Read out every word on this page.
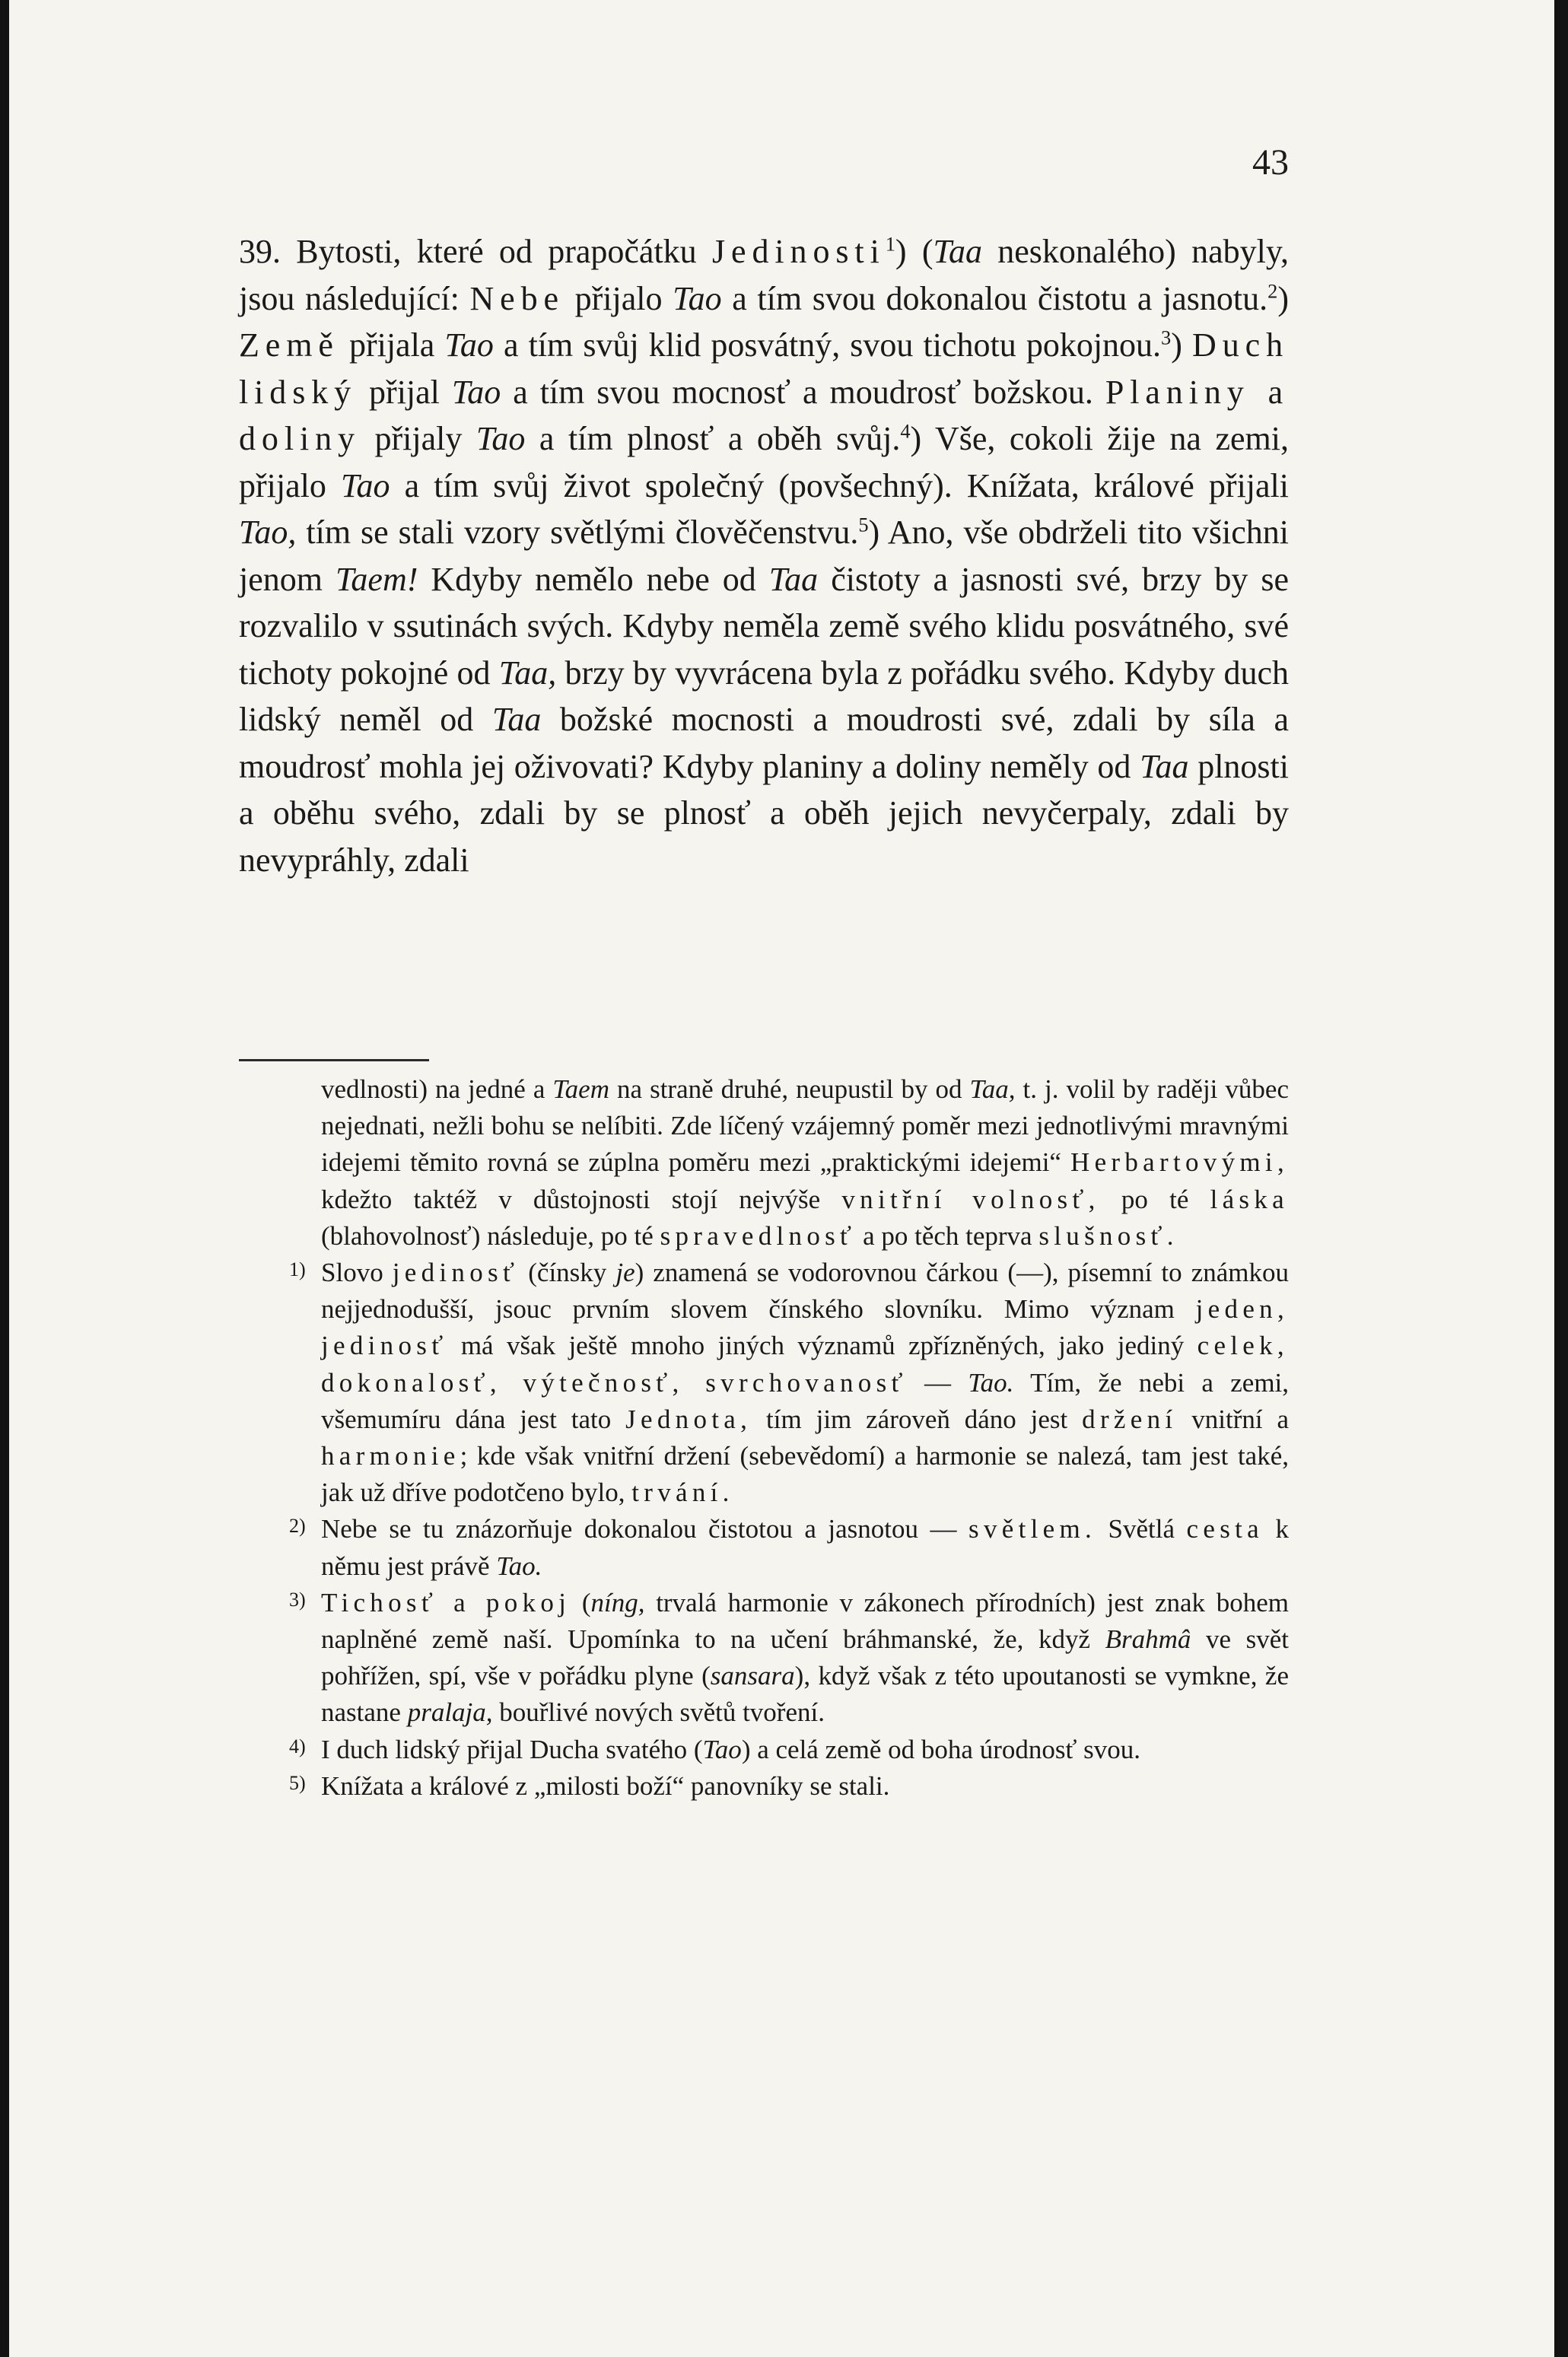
43

39. Bytosti, které od prapočátku Jedinosti$^1$) (Taa neskonalého) nabyly, jsou následující: Nebe přijalo Tao a tím svou dokonalou čistotu a jasnotu.$^2$) Země přijala Tao a tím svůj klid posvátný, svou tichotu pokojnou.$^3$) Duch lidský přijal Tao a tím svou mocnosť a moudrosť božskou. Planiny a doliny přijaly Tao a tím plnosť a oběh svůj.$^4$) Vše, cokoli žije na zemi, přijalo Tao a tím svůj život společný (povšechný). Knížata, králové přijali Tao, tím se stali vzory světlými člověčenstvu.$^5$) Ano, vše obdrželi tito všichni jenom Taem! Kdyby nemělo nebe od Taa čistoty a jasnosti své, brzy by se rozvalilo v ssutinách svých. Kdyby neměla země svého klidu posvátného, své tichoty pokojné od Taa, brzy by vyvrácena byla z pořádku svého. Kdyby duch lidský neměl od Taa božské mocnosti a moudrosti své, zdali by síla a moudrosť mohla jej oživovati? Kdyby planiny a doliny neměly od Taa plnosti a oběhu svého, zdali by se plnosť a oběh jejich nevyčerpaly, zdali by nevypráhly, zdali

vedlnosti) na jedné a Taem na straně druhé, neupustil by od Taa, t. j. volil by raději vůbec nejednati, nežli bohu se nelíbiti. Zde líčený vzájemný poměr mezi jednotlivými mravnými idejemi těmito rovná se zúplna poměru mezi „praktickými idejemi“ Herbartovými, kdežto taktéž v důstojnosti stojí nejvýše vnitřní volnosť, po té láska (blahovolnosť) následuje, po té spravedlnosť a po těch teprva slušnosť.

1) Slovo jedinosť (čínsky je) znamená se vodorovnou čárkou (—), písemní to známkou nejjednodušší, jsouc prvním slovem čínského slovníku. Mimo význam jeden, jedinosť má však ještě mnoho jiných významů zpřízněných, jako jediný celek, dokonalosť, výtečnosť, svrchovanosť — Tao. Tím, že nebi a zemi, všemumíru dána jest tato Jednota, tím jim zároveň dáno jest držení vnitřní a harmonie; kde však vnitřní držení (sebevědomí) a harmonie se nalezá, tam jest také, jak už dříve podotčeno bylo, trvání.

2) Nebe se tu znázorňuje dokonalou čistotou a jasnotou — světlem. Světlá cesta k němu jest právě Tao.

3) Tichosť a pokoj (níng, trvalá harmonie v zákonech přírodních) jest znak bohem naplněné země naší. Upomínka to na učení bráhmanské, že, když Brahmâ ve svět pohřížen, spí, vše v pořádku plyne (sansara), když však z této upoutanosti se vymkne, že nastane pralaja, bouřlivé nových světů tvoření.

4) I duch lidský přijal Ducha svatého (Tao) a celá země od boha úrodnosť svou.

5) Knížata a králové z „milosti boží“ panovníky se stali.
